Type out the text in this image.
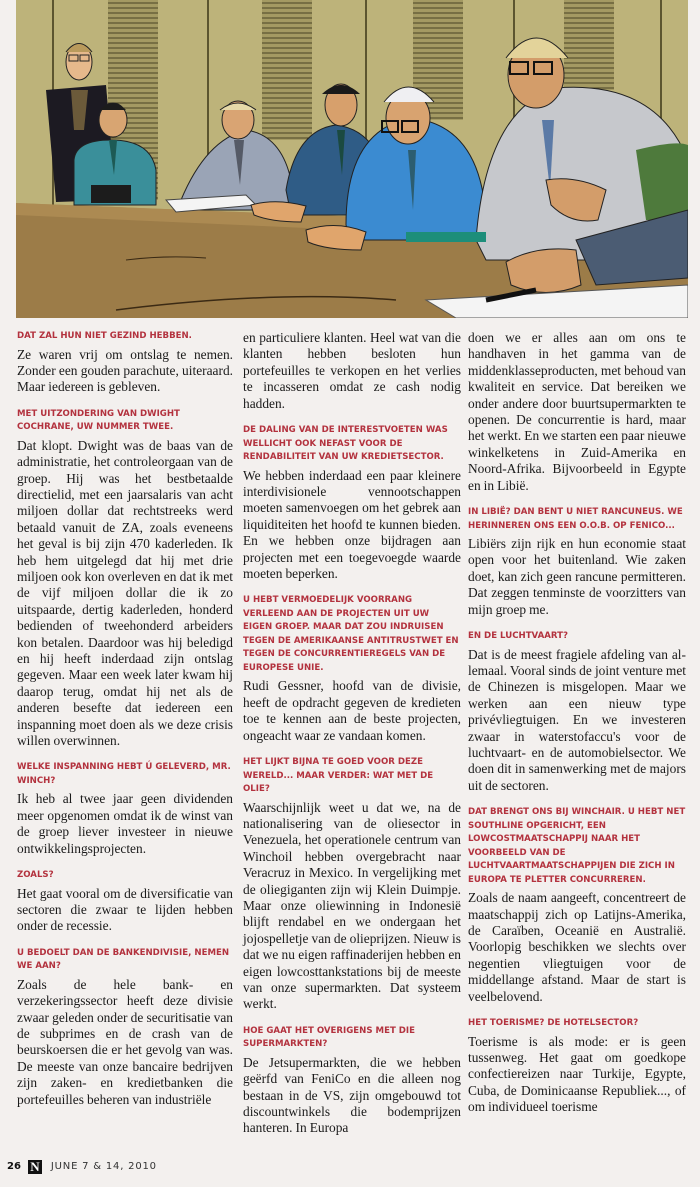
DAT ZAL HUN NIET GEZIND HEBBEN.

Ze waren vrij om ontslag te nemen. Zonder een gouden parachute, uiteraard. Maar iedereen is gebleven.

MET UITZONDERING VAN DWIGHT COCHRANE, UW NUMMER TWEE.

Dat klopt. Dwight was de baas van de administratie, het controleorgaan van de groep. Hij was het bestbetaalde directielid, met een jaarsalaris van acht miljoen dollar dat rechtstreeks werd betaald vanuit de ZA, zoals eveneens het geval is bij zijn 470 kaderleden. Ik heb hem uitgelegd dat hij met drie miljoen ook kon overleven en dat ik met de vijf miljoen dollar die ik zo uitspaarde, dertig kaderleden, honderd bedienden of tweehonderd arbeiders kon betalen. Daardoor was hij beledigd en hij heeft inderdaad zijn ontslag gegeven. Maar een week later kwam hij daarop terug, omdat hij net als de anderen besefte dat iedereen een inspanning moet doen als we deze crisis willen overwinnen.

WELKE INSPANNING HEBT Ú GELEVERD, MR. WINCH?

Ik heb al twee jaar geen dividenden meer opgenomen omdat ik de winst van de groep liever investeer in nieuwe ontwikkelingsprojecten.

ZOALS?

Het gaat vooral om de diversificatie van sectoren die zwaar te lijden hebben onder de recessie.

U BEDOELT DAN DE BANKENDIVISIE, NEMEN WE AAN?

Zoals de hele bank- en verzekeringssector heeft deze divisie zwaar geleden onder de securitisatie van de subprimes en de crash van de beurskoersen die er het gevolg van was. De meeste van onze bancaire bedrijven zijn zaken- en kredietbanken die portefeuilles beheren van industriële

en particuliere klanten. Heel wat van die klanten hebben besloten hun portefeuilles te verkopen en het verlies te incasseren omdat ze cash nodig hadden.

DE DALING VAN DE INTERESTVOETEN WAS WELLICHT OOK NEFAST VOOR DE RENDABILITEIT VAN UW KREDIETSECTOR.

We hebben inderdaad een paar kleinere interdivisionele vennootschappen moeten samenvoegen om het gebrek aan liquiditeiten het hoofd te kunnen bieden. En we hebben onze bijdragen aan projecten met een toegevoegde waarde moeten beperken.

U HEBT VERMOEDELIJK VOORRANG VERLEEND AAN DE PROJECTEN UIT UW EIGEN GROEP. MAAR DAT ZOU INDRUISEN TEGEN DE AMERIKAANSE ANTITRUSTWET EN TEGEN DE CONCURRENTIEREGELS VAN DE EUROPESE UNIE.

Rudi Gessner, hoofd van de divisie, heeft de opdracht gegeven de kredieten toe te kennen aan de beste projecten, ongeacht waar ze vandaan komen.

HET LIJKT BIJNA TE GOED VOOR DEZE WERELD... MAAR VERDER: WAT MET DE OLIE?

Waarschijnlijk weet u dat we, na de nationalisering van de oliesector in Venezuela, het operationele centrum van Winchoil hebben overgebracht naar Veracruz in Mexico. In vergelijking met de oliegiganten zijn wij Klein Duimpje. Maar onze oliewinning in Indonesië blijft rendabel en we ondergaan het jojospelletje van de olieprijzen. Nieuw is dat we nu eigen raffinaderijen hebben en eigen lowcosttankstations bij de meeste van onze supermarkten. Dat systeem werkt.

HOE GAAT HET OVERIGENS MET DIE SUPERMARKTEN?

De Jetsupermarkten, die we hebben geërfd van FeniCo en die alleen nog bestaan in de VS, zijn omgebouwd tot discountwinkels die bodemprijzen hanteren. In Europa

doen we er alles aan om ons te handhaven in het gamma van de middenklasseproducten, met behoud van kwaliteit en service. Dat bereiken we onder andere door buurtsupermarkten te openen. De concurrentie is hard, maar het werkt. En we starten een paar nieuwe winkelketens in Zuid-Amerika en Noord-Afrika. Bijvoorbeeld in Egypte en in Libië.

IN LIBIË? DAN BENT U NIET RANCUNEUS. WE HERINNEREN ONS EEN O.O.B. OP FENICO...

Libiërs zijn rijk en hun economie staat open voor het buitenland. Wie zaken doet, kan zich geen rancune permitteren. Dat zeggen tenminste de voorzitters van mijn groep me.

EN DE LUCHTVAART?

Dat is de meest fragiele afdeling van allemaal. Vooral sinds de joint venture met de Chinezen is misgelopen. Maar we werken aan een nieuw type privévliegtuigen. En we investeren zwaar in waterstofaccu's voor de luchtvaart- en de automobielsector. We doen dit in samenwerking met de majors uit de sectoren.

DAT BRENGT ONS BIJ WINCHAIR. U HEBT NET SOUTHLINE OPGERICHT, EEN LOWCOSTMAATSCHAPPIJ NAAR HET VOORBEELD VAN DE LUCHTVAARTMAATSCHAPPIJEN DIE ZICH IN EUROPA TE PLETTER CONCURREREN.

Zoals de naam aangeeft, concentreert de maatschappij zich op Latijns-Amerika, de Caraïben, Oceanië en Australië. Voorlopig beschikken we slechts over negentien vliegtuigen voor de middellange afstand. Maar de start is veelbelovend.

HET TOERISME? DE HOTELSECTOR?

Toerisme is als mode: er is geen tussenweg. Het gaat om goedkope confectiereizen naar Turkije, Egypte, Cuba, de Dominicaanse Republiek..., of om individueel toerisme

26 N JUNE 7 & 14, 2010
